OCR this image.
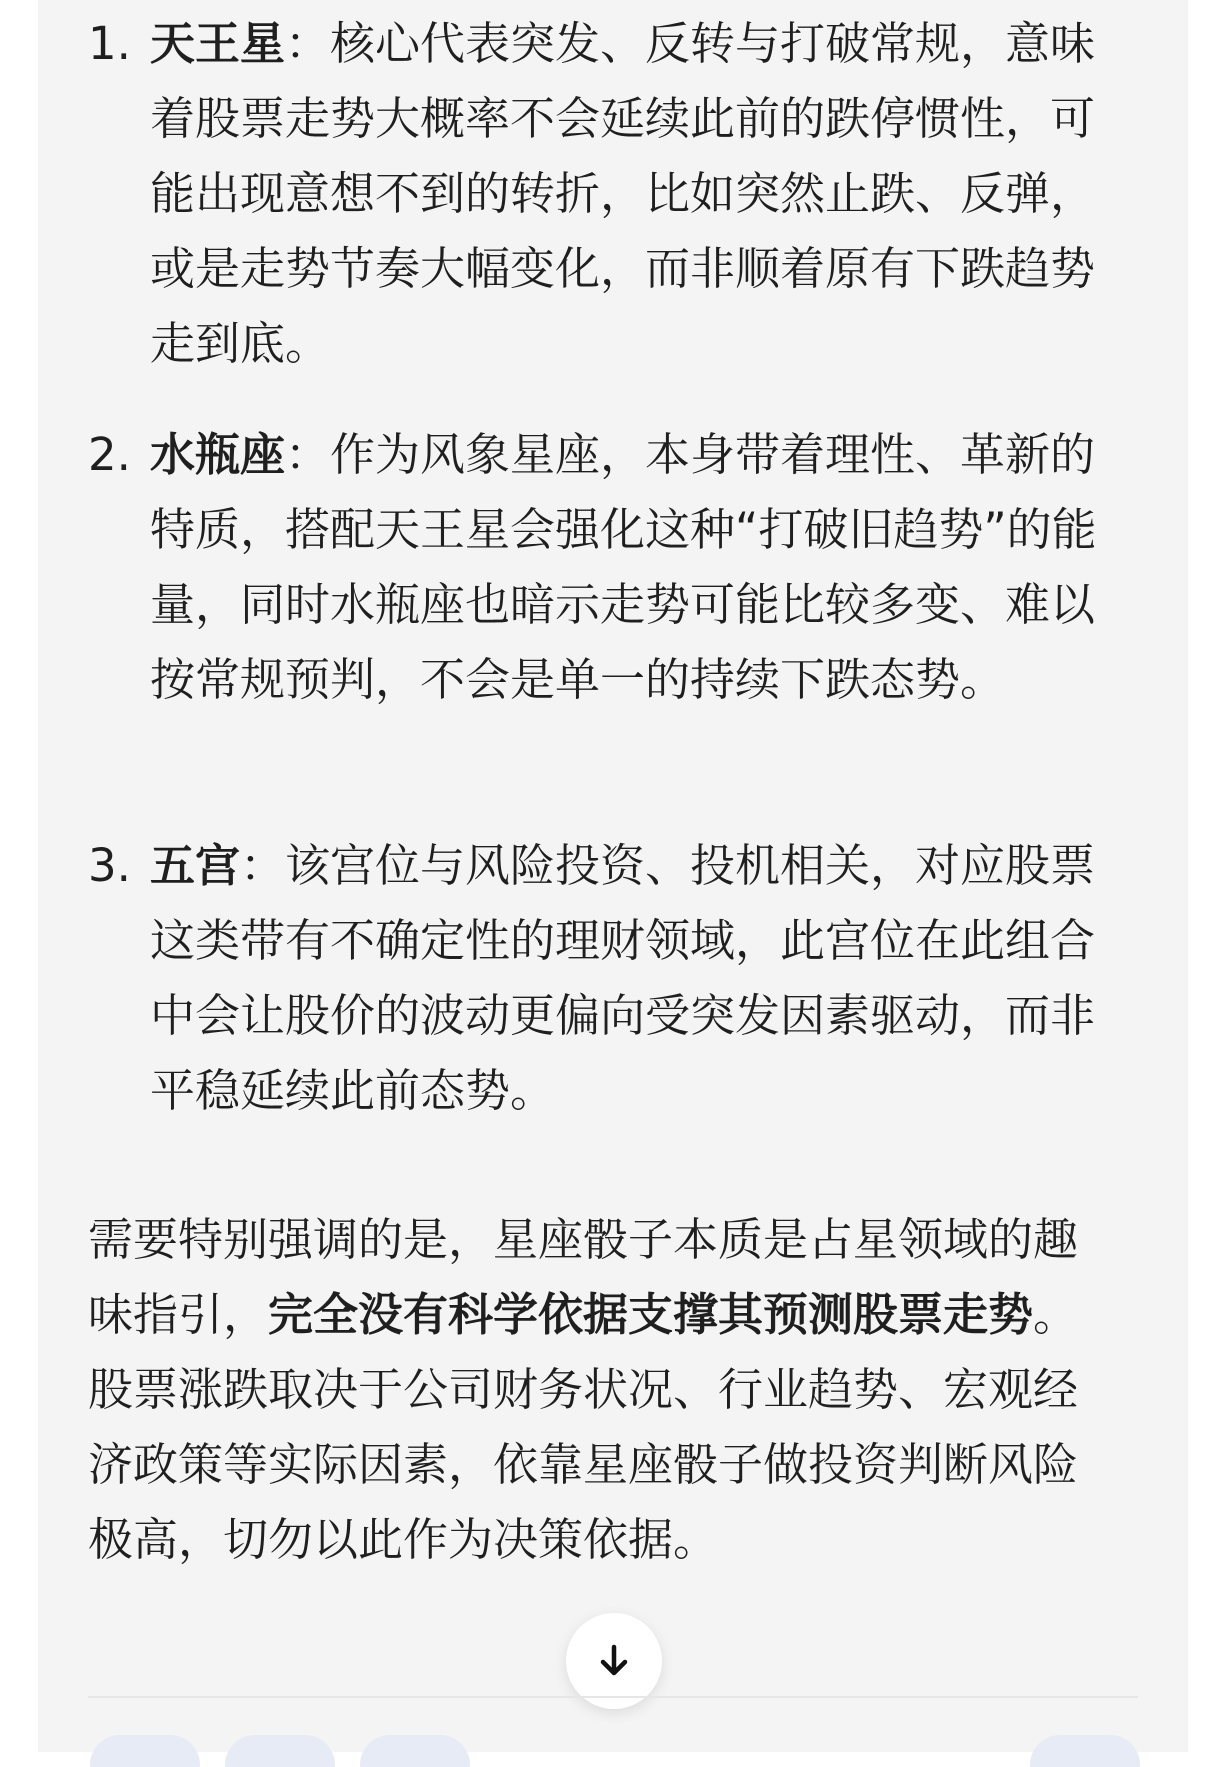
1. 天王星：核心代表突发、反转与打破常规，意味着股票走势大概率不会延续此前的跌停惯性，可能出现意想不到的转折，比如突然止跌、反弹，或是走势节奏大幅变化，而非顺着原有下跌趋势走到底。
2. 水瓶座：作为风象星座，本身带着理性、革新的特质，搭配天王星会强化这种“打破旧趋势”的能量，同时水瓶座也暗示走势可能比较多变、难以按常规预判，不会是单一的持续下跌态势。
3. 五宫：该宫位与风险投资、投机相关，对应股票这类带有不确定性的理财领域，此宫位在此组合中会让股价的波动更偏向受突发因素驱动，而非平稳延续此前态势。
需要特别强调的是，星座骰子本质是占星领域的趣味指引，完全没有科学依据支撑其预测股票走势。股票涨跌取决于公司财务状况、行业趋势、宏观经济政策等实际因素，依靠星座骰子做投资判断风险极高，切勿以此作为决策依据。
